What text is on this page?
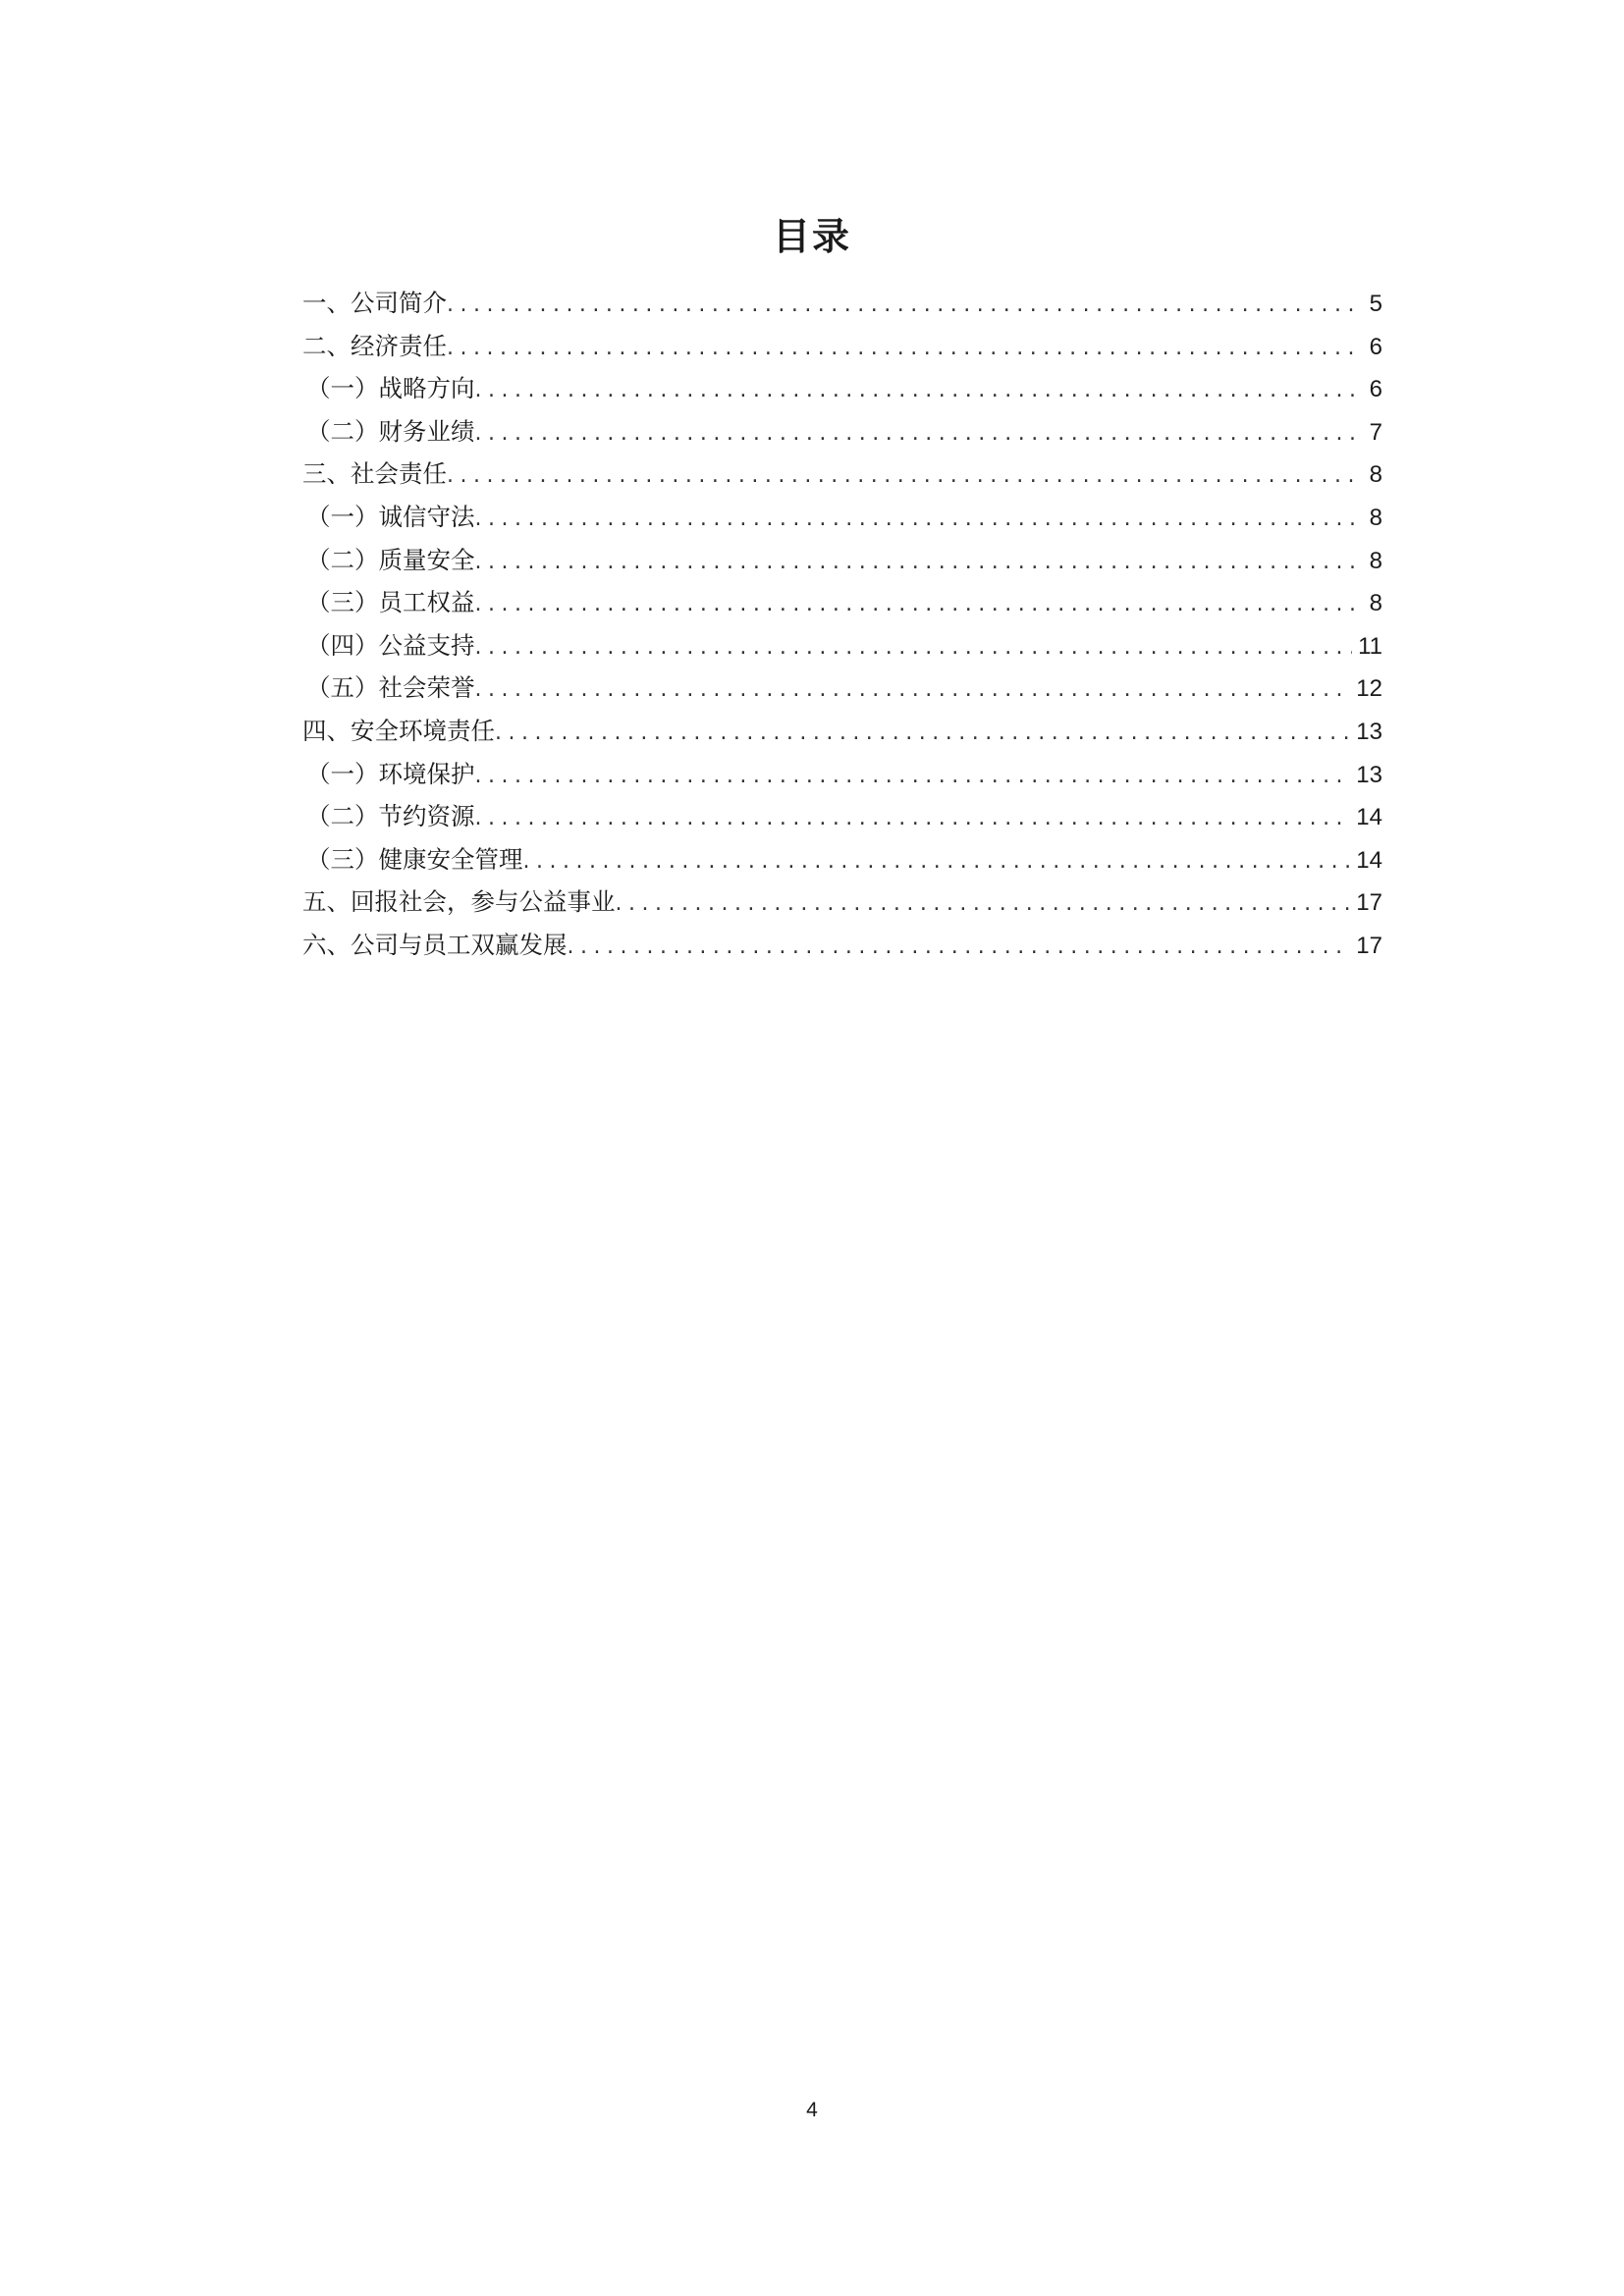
目录
一、公司简介 .....	5
二、经济责任 .....	6
（一）战略方向 .....	6
（二）财务业绩 .....	7
三、社会责任 .....	8
（一）诚信守法 .....	8
（二）质量安全 .....	8
（三）员工权益 .....	8
（四）公益支持 .....	11
（五）社会荣誉 .....	12
四、安全环境责任 .....	13
（一）环境保护 .....	13
（二）节约资源 .....	14
（三）健康安全管理 .....	14
五、回报社会，参与公益事业 .....	17
六、公司与员工双赢发展 .....	17
4
